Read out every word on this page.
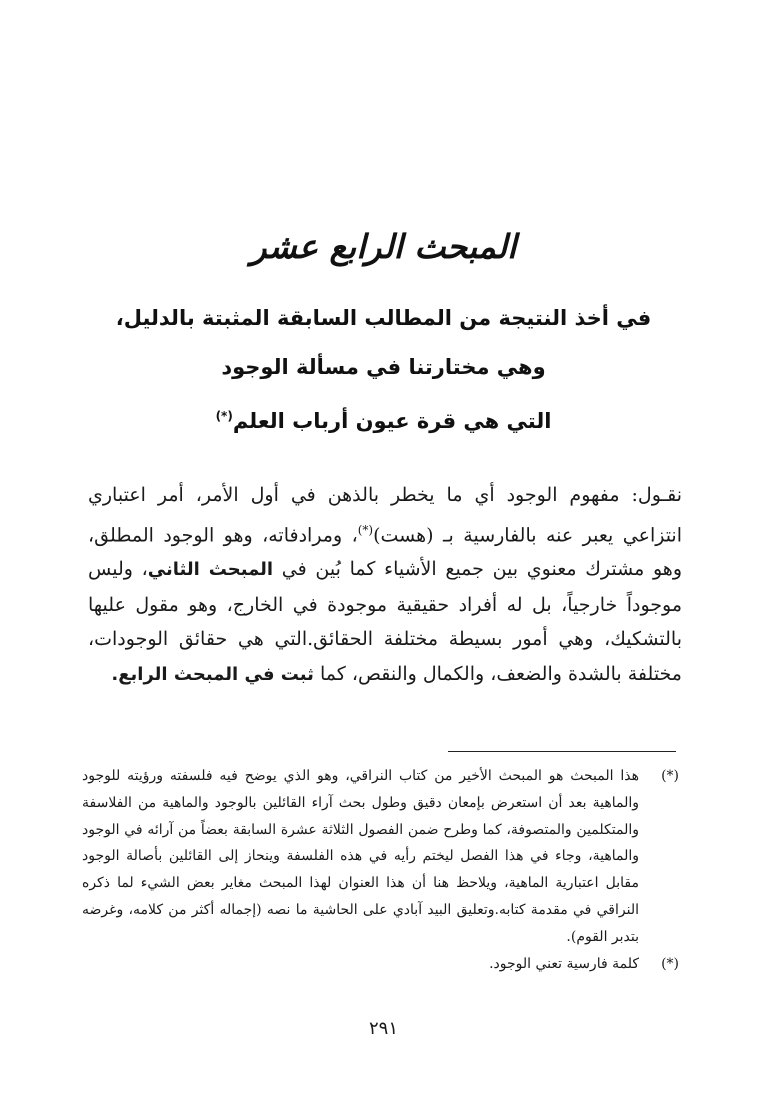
المبحث الرابع عشر

في أخذ النتيجة من المطالب السابقة المثبتة بالدليل،

وهي مختارتنا في مسألة الوجود

التي هي قرة عيون أرباب العلم(*)

نقـول: مفهوم الوجود أي ما يخطر بالذهن في أول الأمر، أمر اعتباري انتزاعي يعبر عنه بالفارسية بـ (هست)(*)، ومرادفاته، وهو الوجود المطلق، وهو مشترك معنوي بين جميع الأشياء كما بُين في المبحث الثاني، وليس موجوداً خارجياً، بل له أفراد حقيقية موجودة في الخارج، وهو مقول عليها بالتشكيك، وهي أمور بسيطة مختلفة الحقائق.التي هي حقائق الوجودات، مختلفة بالشدة والضعف، والكمال والنقص، كما ثبت في المبحث الرابع.

(*)
هذا المبحث هو المبحث الأخير من كتاب النراقي، وهو الذي يوضح فيه فلسفته ورؤيته للوجود والماهية بعد أن استعرض بإمعان دقيق وطول بحث آراء القائلين بالوجود والماهية من الفلاسفة والمتكلمين والمتصوفة، كما وطرح ضمن الفصول الثلاثة عشرة السابقة بعضاً من آرائه في الوجود والماهية، وجاء في هذا الفصل ليختم رأيه في هذه الفلسفة وينحاز إلى القائلين بأصالة الوجود مقابل اعتبارية الماهية، ويلاحظ هنا أن هذا العنوان لهذا المبحث مغاير بعض الشيء لما ذكره النراقي في مقدمة كتابه.وتعليق البيد آبادي على الحاشية ما نصه (إجماله أكثر من كلامه، وغرضه بتدبر القوم).

(*)
كلمة فارسية تعني الوجود.

٢٩١
